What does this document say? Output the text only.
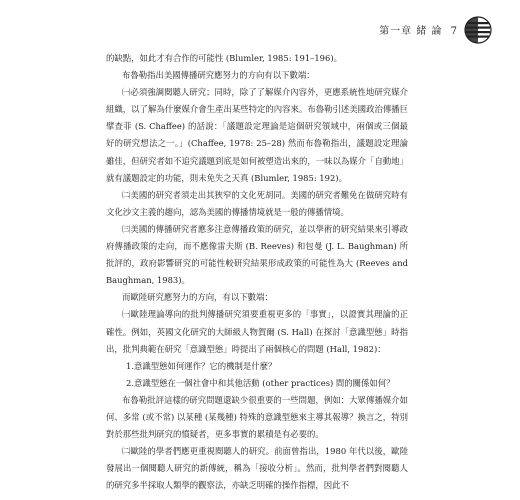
第一章 緒 論 7

的缺點，如此才有合作的可能性 (Blumler, 1985: 191–196)。

布魯勒指出美國傳播研究應努力的方向有以下數端：

㈠必須強調閱聽人研究；同時，除了了解媒介內容外，更應系統性地研究媒介組織，以了解為什麼媒介會生產出某些特定的內容來。布魯勒引述美國政治傳播巨擘查菲 (S. Chaffee) 的話說：「議題設定理論是這個研究領域中，兩個或三個最好的研究想法之一。」(Chaffee, 1978: 25–28) 然而布魯勒指出，議題設定理論雖佳，但研究者如不追究議題到底是如何被塑造出來的，一味以為媒介「自動地」就有議題設定的功能，則未免失之天真 (Blumler, 1985: 192)。

㈡美國的研究者須走出其狹窄的文化死胡同。美國的研究者難免在做研究時有文化沙文主義的趨向，認為美國的傳播情境就是一般的傳播情境。

㈢美國的傳播研究者應多注意傳播政策的研究，並以學術的研究結果來引導政府傳播政策的走向，而不應像雷夫斯 (B. Reeves) 和包曼 (J. L. Baughman) 所批評的，政府影響研究的可能性較研究結果形成政策的可能性為大 (Reeves and Baughman, 1983)。

而歐陸研究應努力的方向，有以下數端：

㈠歐陸理論導向的批判傳播研究須要重視更多的「事實」，以證實其理論的正確性。例如，英國文化研究的大師級人物賀爾 (S. Hall) 在探討「意識型態」時指出，批判典範在研究「意識型態」時提出了兩個核心的問題 (Hall, 1982)：

1.意識型態如何運作？它的機制是什麼？

2.意識型態在一個社會中和其他活動 (other practices) 間的關係如何？

布魯勒批評這樣的研究問題還缺少很重要的一些問題，例如：大眾傳播媒介如何、多常 (或不常) 以某種 (某幾種) 特殊的意識型態來主導其報導？換言之，特別對於那些批判研究的憤疑者，更多事實的累積是有必要的。

㈡歐陸的學者們應更重視閱聽人的研究。前面曾指出，1980 年代以後，歐陸發展出一個閱聽人研究的新傳統，稱為「接收分析」。然而，批判學者們對閱聽人的研究多半採取人類學的觀察法，亦缺乏明確的操作指標，因此不
